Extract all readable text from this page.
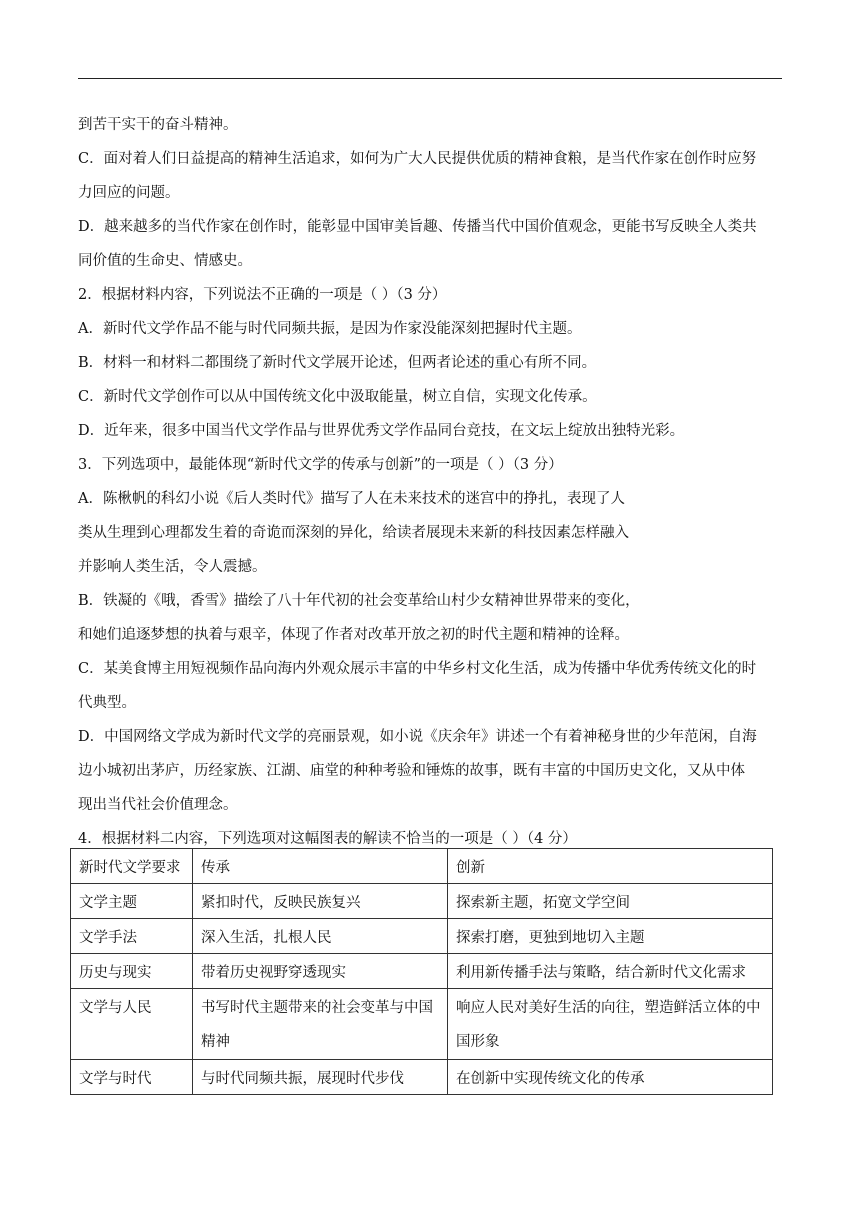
到苦干实干的奋斗精神。
C．面对着人们日益提高的精神生活追求，如何为广大人民提供优质的精神食粮，是当代作家在创作时应努
力回应的问题。
D．越来越多的当代作家在创作时，能彰显中国审美旨趣、传播当代中国价值观念，更能书写反映全人类共
同价值的生命史、情感史。
2．根据材料内容，下列说法不正确的一项是（ ）（3 分）
A．新时代文学作品不能与时代同频共振，是因为作家没能深刻把握时代主题。
B．材料一和材料二都围绕了新时代文学展开论述，但两者论述的重心有所不同。
C．新时代文学创作可以从中国传统文化中汲取能量，树立自信，实现文化传承。
D．近年来，很多中国当代文学作品与世界优秀文学作品同台竞技，在文坛上绽放出独特光彩。
3．下列选项中，最能体现“新时代文学的传承与创新”的一项是（ ）（3 分）
A．陈楸帆的科幻小说《后人类时代》描写了人在未来技术的迷宫中的挣扎，表现了人
类从生理到心理都发生着的奇诡而深刻的异化，给读者展现未来新的科技因素怎样融入
并影响人类生活，令人震撼。
B．铁凝的《哦，香雪》描绘了八十年代初的社会变革给山村少女精神世界带来的变化，
和她们追逐梦想的执着与艰辛，体现了作者对改革开放之初的时代主题和精神的诠释。
C．某美食博主用短视频作品向海内外观众展示丰富的中华乡村文化生活，成为传播中华优秀传统文化的时
代典型。
D．中国网络文学成为新时代文学的亮丽景观，如小说《庆余年》讲述一个有着神秘身世的少年范闲，自海
边小城初出茅庐，历经家族、江湖、庙堂的种种考验和锤炼的故事，既有丰富的中国历史文化，又从中体
现出当代社会价值理念。
4．根据材料二内容，下列选项对这幅图表的解读不恰当的一项是（ ）（4 分）
新时代文学要求	传承	创新
文学主题	紧扣时代，反映民族复兴	探索新主题，拓宽文学空间
文学手法	深入生活，扎根人民	探索打磨，更独到地切入主题
历史与现实	带着历史视野穿透现实	利用新传播手法与策略，结合新时代文化需求
文学与人民	书写时代主题带来的社会变革与中国精神	响应人民对美好生活的向往，塑造鲜活立体的中国形象
文学与时代	与时代同频共振，展现时代步伐	在创新中实现传统文化的传承
